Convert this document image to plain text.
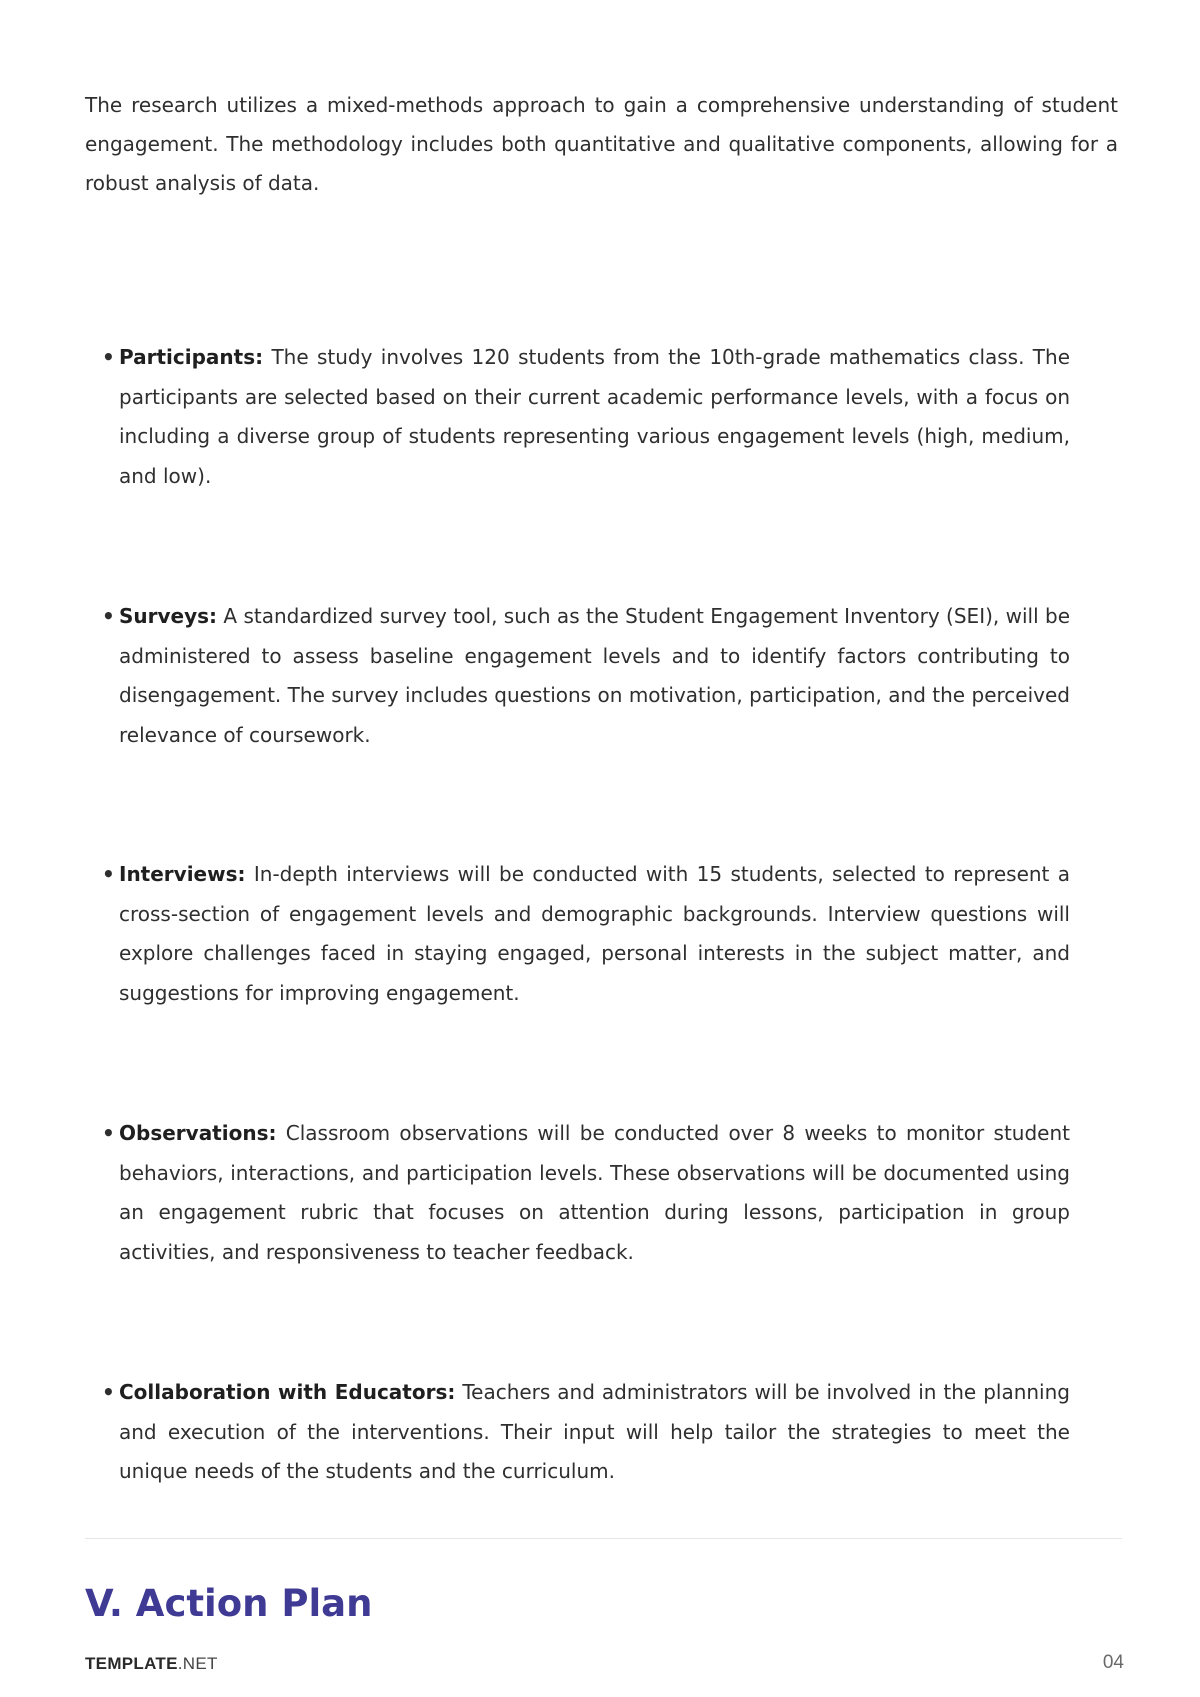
The research utilizes a mixed-methods approach to gain a comprehensive understanding of student engagement. The methodology includes both quantitative and qualitative components, allowing for a robust analysis of data.

• Participants: The study involves 120 students from the 10th-grade mathematics class. The participants are selected based on their current academic performance levels, with a focus on including a diverse group of students representing various engagement levels (high, medium, and low).
• Surveys: A standardized survey tool, such as the Student Engagement Inventory (SEI), will be administered to assess baseline engagement levels and to identify factors contributing to disengagement. The survey includes questions on motivation, participation, and the perceived relevance of coursework.
• Interviews: In-depth interviews will be conducted with 15 students, selected to represent a cross-section of engagement levels and demographic backgrounds. Interview questions will explore challenges faced in staying engaged, personal interests in the subject matter, and suggestions for improving engagement.
• Observations: Classroom observations will be conducted over 8 weeks to monitor student behaviors, interactions, and participation levels. These observations will be documented using an engagement rubric that focuses on attention during lessons, participation in group activities, and responsiveness to teacher feedback.
• Collaboration with Educators: Teachers and administrators will be involved in the planning and execution of the interventions. Their input will help tailor the strategies to meet the unique needs of the students and the curriculum.
V. Action Plan
TEMPLATE.NET	04
